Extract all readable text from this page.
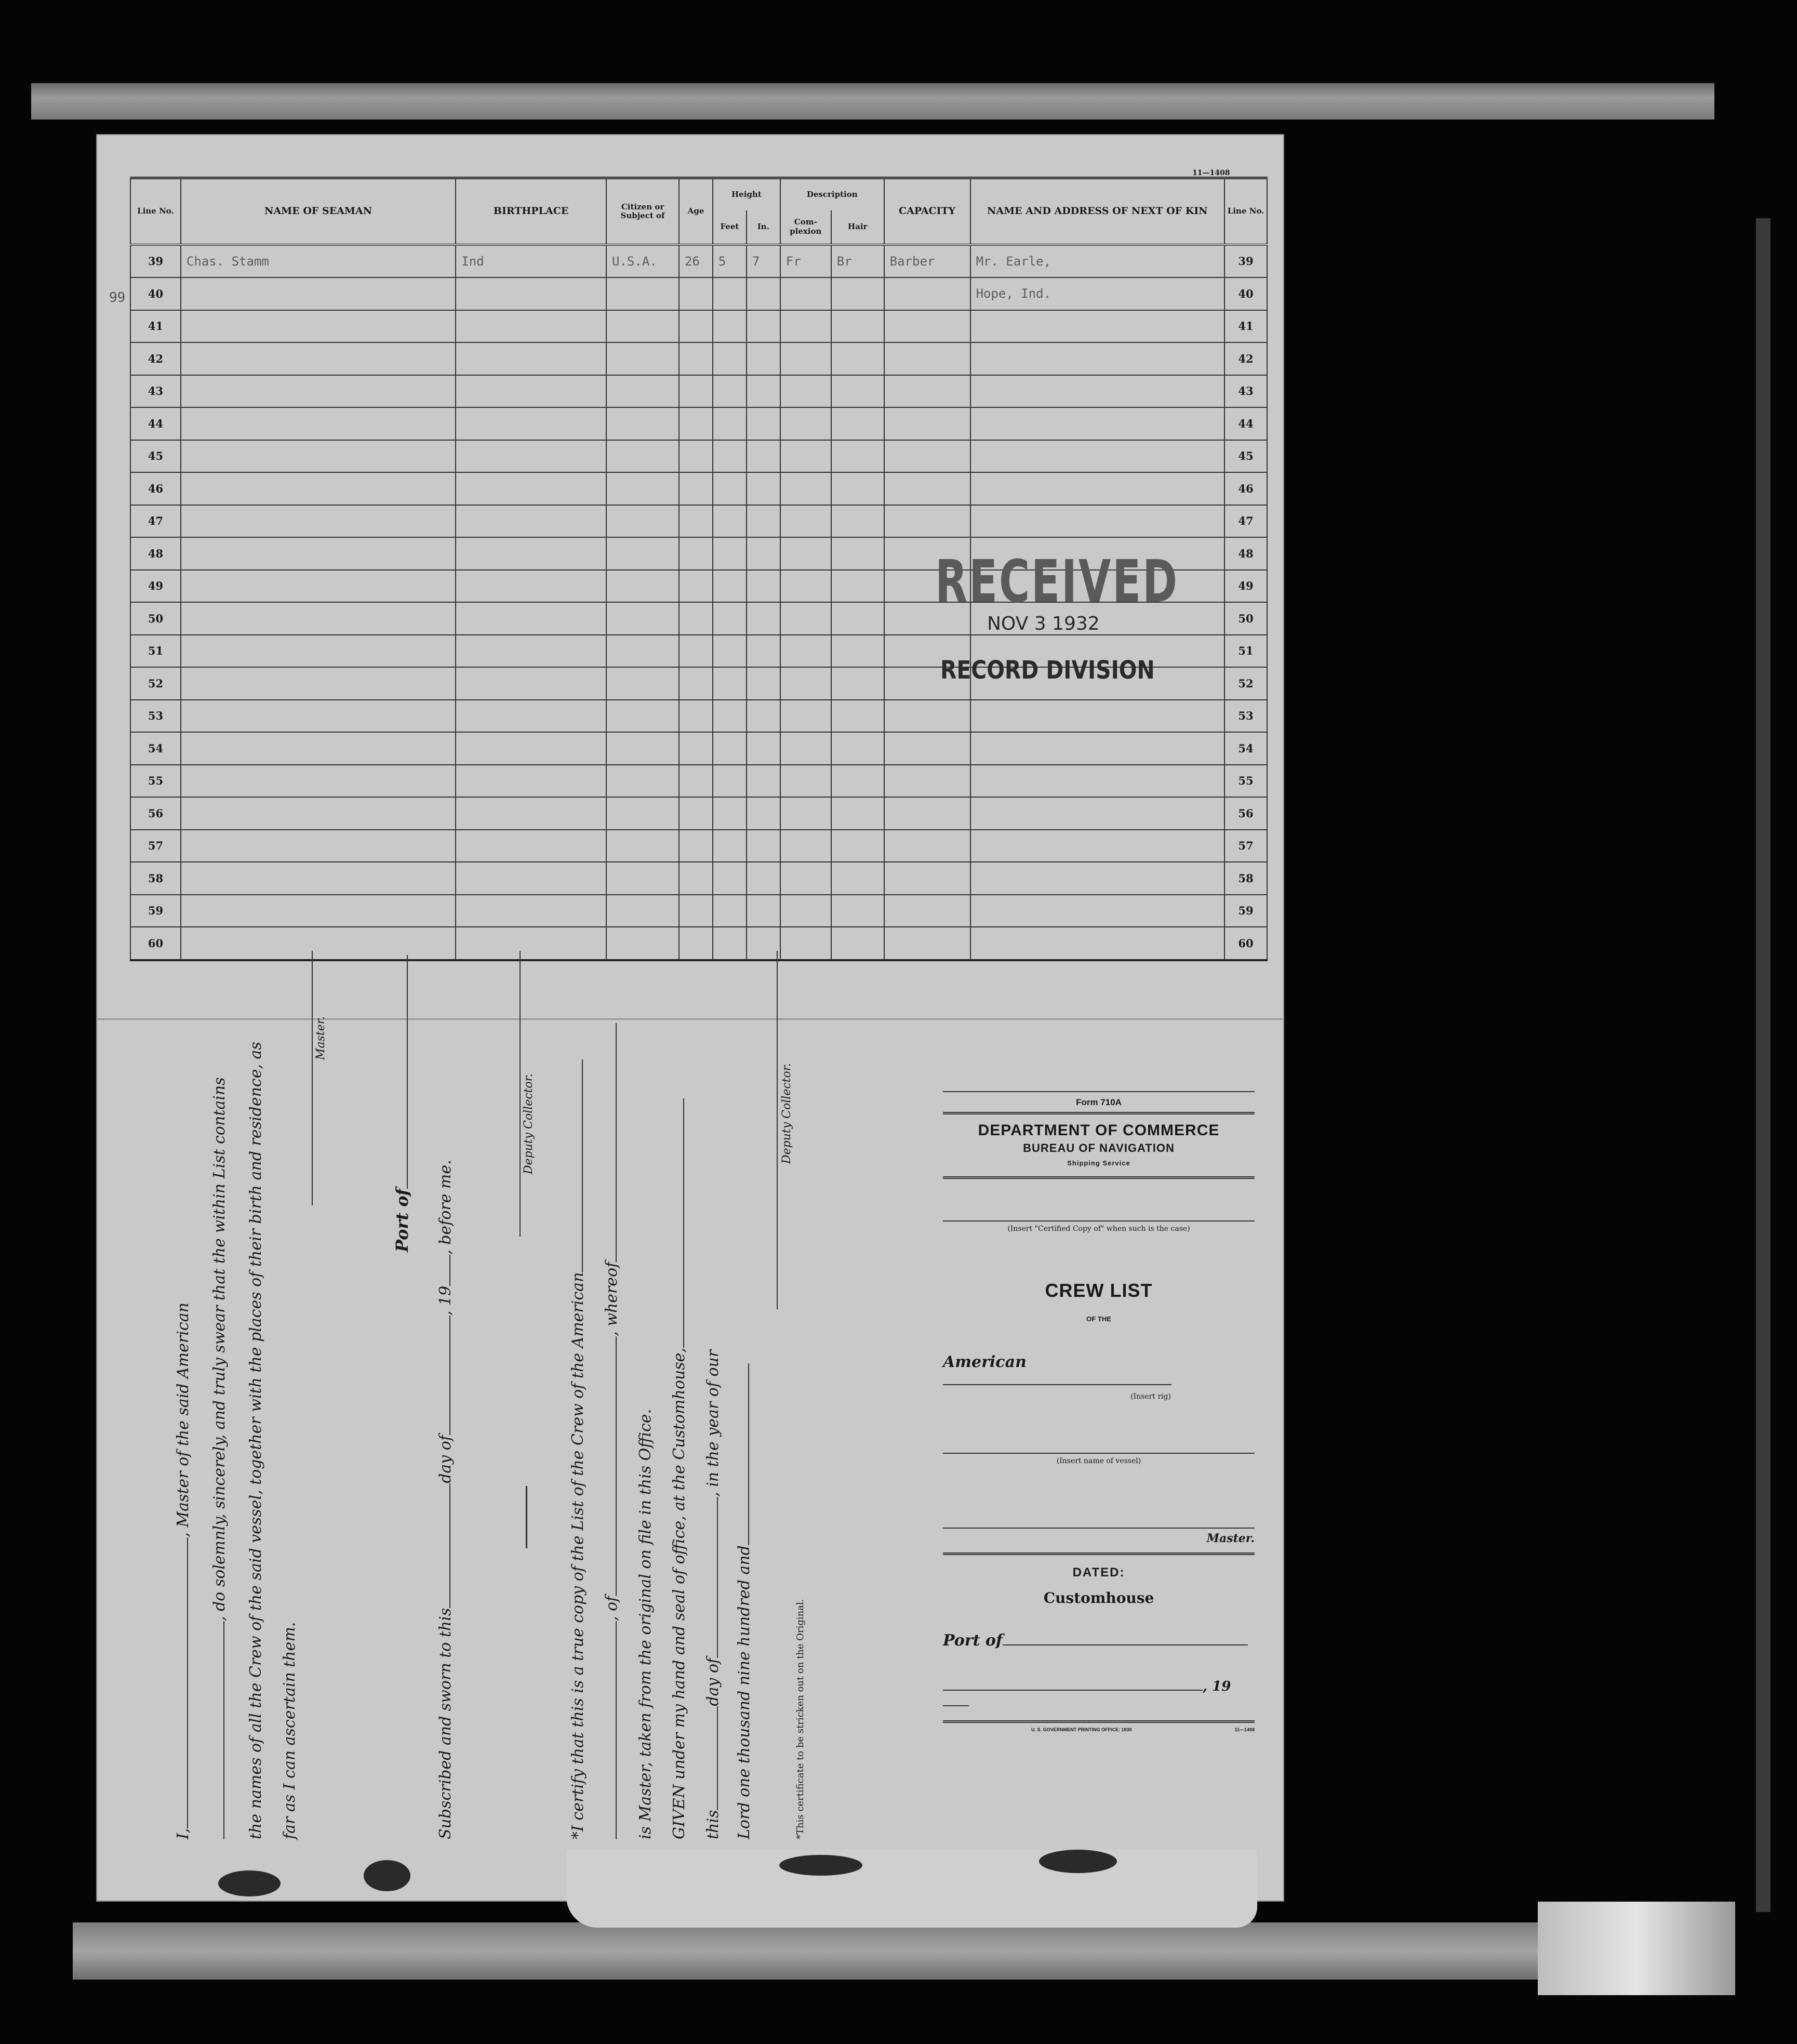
11—1408
99
Line No.	NAME OF SEAMAN	BIRTHPLACE	Citizen or Subject of	Age	Height		Description		CAPACITY	NAME AND ADDRESS OF NEXT OF KIN	Line No.
					Feet	In.	Com- plexion	Hair			
39	Chas. Stamm	Ind	U.S.A.	26	5	7	Fr	Br	Barber	Mr. Earle,	39
40										Hope, Ind.	40
41											41
42											42
43											43
44											44
45											45
46											46
47											47
48											48
49											49
50											50
51											51
52											52
53											53
54											54
55											55
56											56
57											57
58											58
59											59
60											60
RECEIVED
NOV 3 1932
RECORD DIVISION
I,, Master of the said American , do solemnly, sincerely, and truly swear that the within List contains the names of all the Crew of the said vessel, together with the places of their birth and residence, as far as I can ascertain them.
Master.
Port of
Subscribed and sworn to thisday of, 19, before me.
Deputy Collector.
*I certify that this is a true copy of the List of the Crew of the American , of, whereof
is Master, taken from the original on file in this Office. GIVEN under my hand and seal of office, at the Customhouse, thisday of, in the year of our
Lord one thousand nine hundred and
Deputy Collector.
*This certificate to be stricken out on the Original.
Form 710A
DEPARTMENT OF COMMERCE
BUREAU OF NAVIGATION
Shipping Service
(Insert "Certified Copy of" when such is the case)
CREW LIST
OF THE
American
(Insert rig)
(Insert name of vessel)
Master.
DATED:
Customhouse
Port of
, 19
U. S. GOVERNMENT PRINTING OFFICE: 1930	11—1408
